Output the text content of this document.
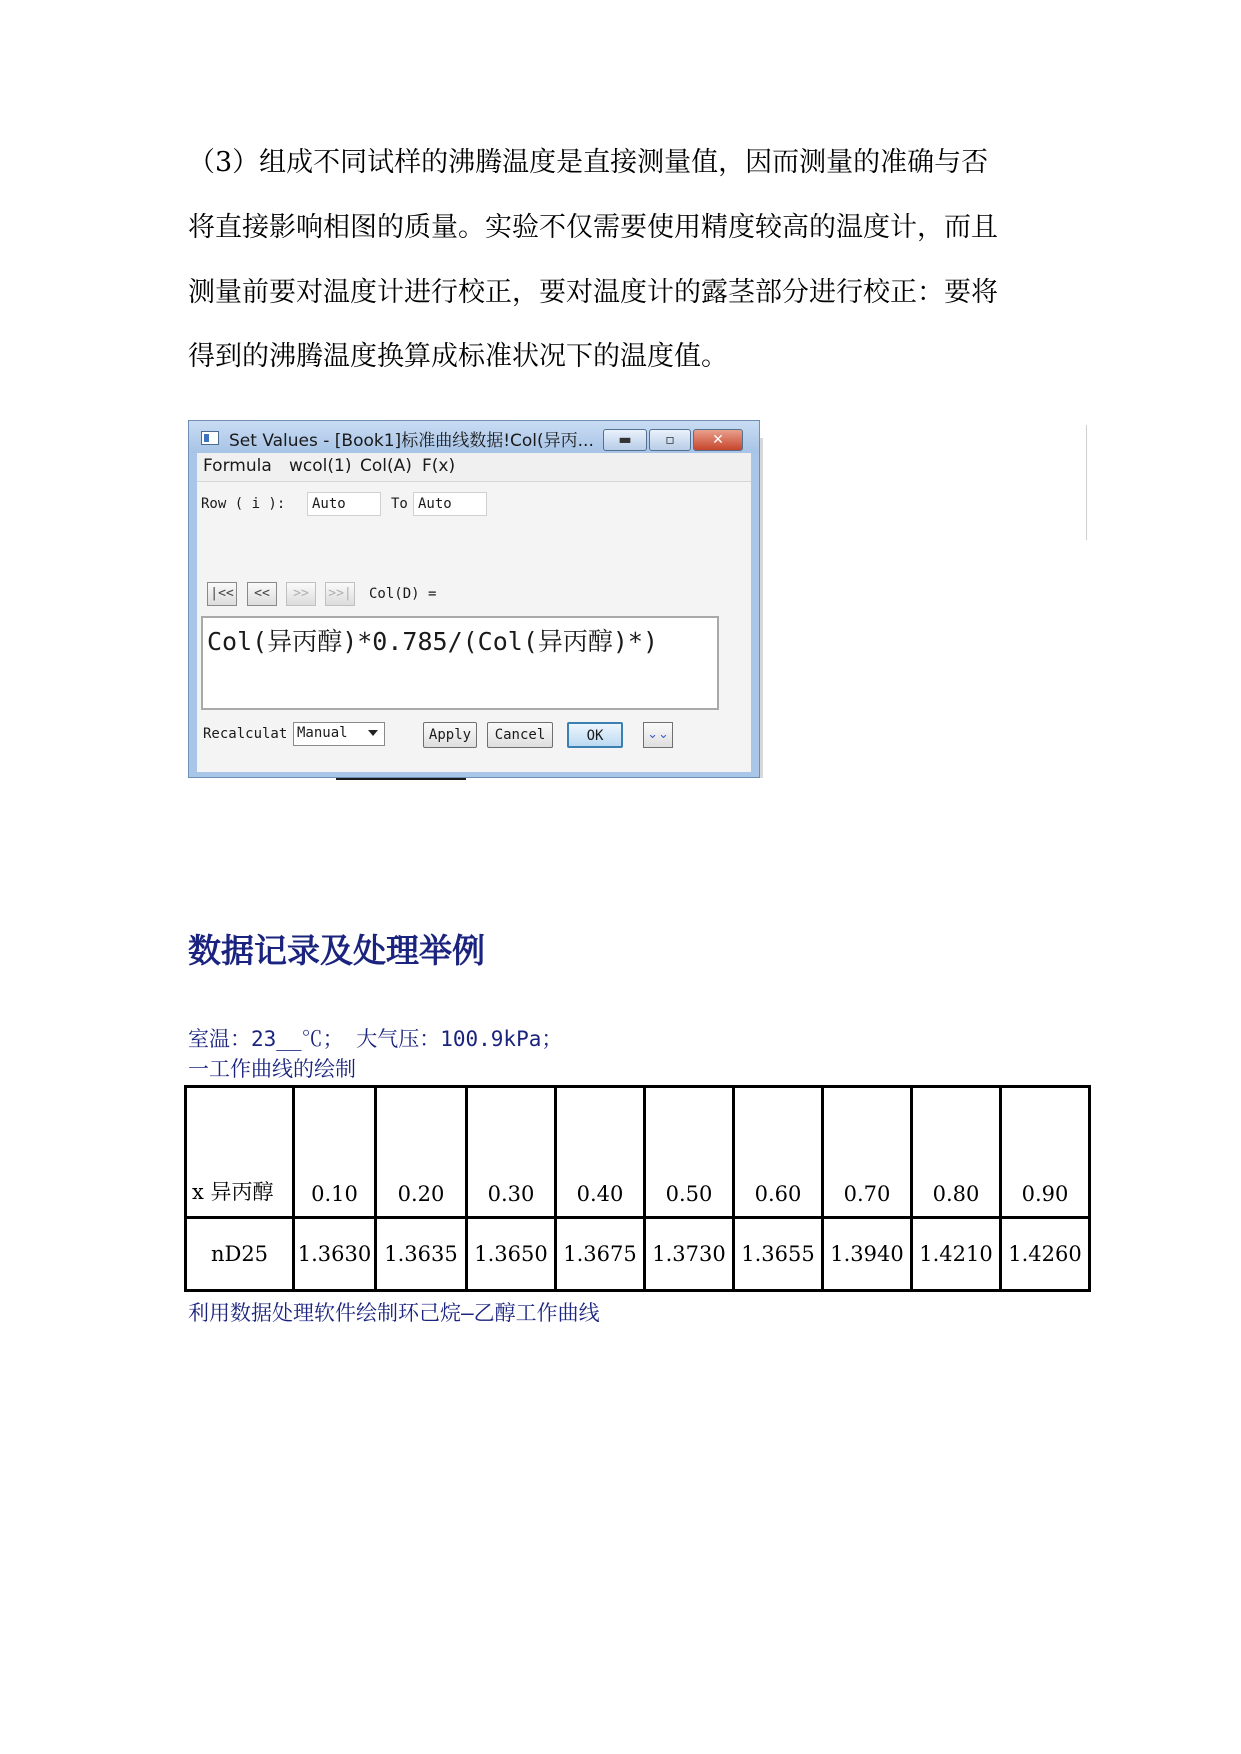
（3）组成不同试样的沸腾温度是直接测量值，因而测量的准确与否
将直接影响相图的质量。实验不仅需要使用精度较高的温度计，而且
测量前要对温度计进行校正，要对温度计的露茎部分进行校正：要将
得到的沸腾温度换算成标准状况下的温度值。
Set Values - [Book1]标准曲线数据!Col(异丙...	▬	▫	✕
Formula wcol(1) Col(A) F(x)
Row ( i ):	Auto	To Auto
|<<	<<	>>	>>| Col(D) =
Col(异丙醇)*0.785/(Col(异丙醇)*)
Recalculat Manual	Apply	Cancel	OK	⌄⌄
数据记录及处理举例
室温：23__℃； 大气压：100.9kPa；
一工作曲线的绘制
x 异丙醇	0.10	0.20	0.30	0.40	0.50	0.60	0.70	0.80	0.90
nD25	1.3630	1.3635	1.3650	1.3675	1.3730	1.3655	1.3940	1.4210	1.4260
利用数据处理软件绘制环己烷—乙醇工作曲线
